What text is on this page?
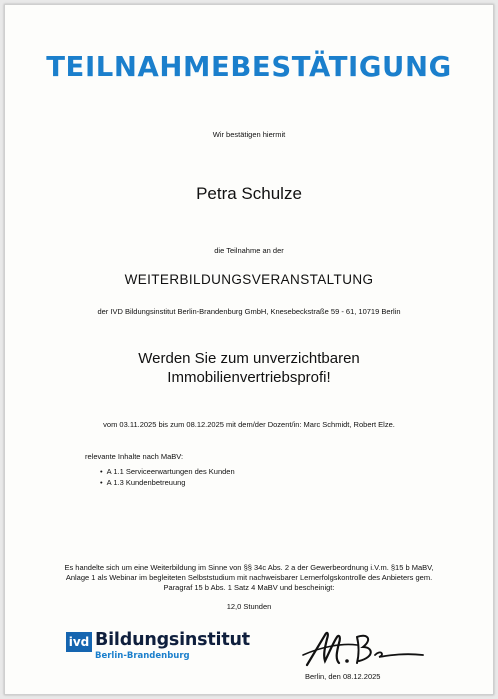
TEILNAHMEBESTÄTIGUNG
Wir bestätigen hiermit
Petra Schulze
die Teilnahme an der
WEITERBILDUNGSVERANSTALTUNG
der IVD Bildungsinstitut Berlin-Brandenburg GmbH, Knesebeckstraße 59 - 61, 10719 Berlin
Werden Sie zum unverzichtbaren
Immobilienvertriebsprofi!
vom 03.11.2025 bis zum 08.12.2025 mit dem/der Dozent/in: Marc Schmidt, Robert Elze.
relevante Inhalte nach MaBV:
• A 1.1 Serviceerwartungen des Kunden
• A 1.3 Kundenbetreuung
Es handelte sich um eine Weiterbildung im Sinne von §§ 34c Abs. 2 a der Gewerbeordnung i.V.m. §15 b MaBV,
Anlage 1 als Webinar im begleiteten Selbststudium mit nachweisbarer Lernerfolgskontrolle des Anbieters gem.
Paragraf 15 b Abs. 1 Satz 4 MaBV und bescheinigt:
12,0 Stunden
ivd Bildungsinstitut
Berlin-Brandenburg
Berlin, den 08.12.2025
